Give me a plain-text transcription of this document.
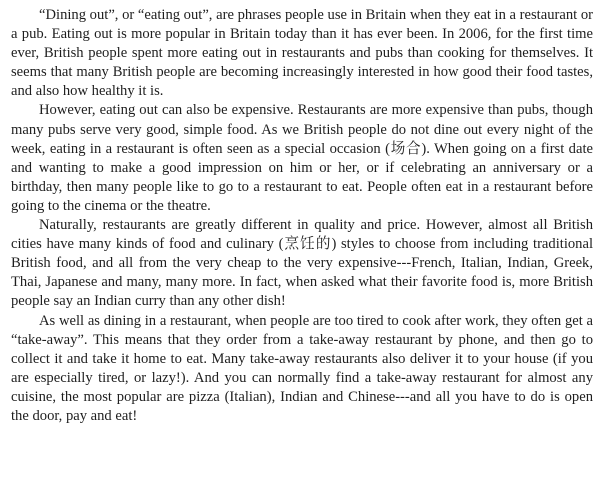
“Dining out”, or “eating out”, are phrases people use in Britain when they eat in a restaurant or a pub. Eating out is more popular in Britain today than it has ever been. In 2006, for the first time ever, British people spent more eating out in restaurants and pubs than cooking for themselves. It seems that many British people are becoming increasingly interested in how good their food tastes, and also how healthy it is.

However, eating out can also be expensive. Restaurants are more expensive than pubs, though many pubs serve very good, simple food. As we British people do not dine out every night of the week, eating in a restaurant is often seen as a special occasion (场合). When going on a first date and wanting to make a good impression on him or her, or if celebrating an anniversary or a birthday, then many people like to go to a restaurant to eat. People often eat in a restaurant before going to the cinema or the theatre.

Naturally, restaurants are greatly different in quality and price. However, almost all British cities have many kinds of food and culinary (烹饪的) styles to choose from including traditional British food, and all from the very cheap to the very expensive---French, Italian, Indian, Greek, Thai, Japanese and many, many more. In fact, when asked what their favorite food is, more British people say an Indian curry than any other dish!

As well as dining in a restaurant, when people are too tired to cook after work, they often get a “take-away”. This means that they order from a take-away restaurant by phone, and then go to collect it and take it home to eat. Many take-away restaurants also deliver it to your house (if you are especially tired, or lazy!). And you can normally find a take-away restaurant for almost any cuisine, the most popular are pizza (Italian), Indian and Chinese---and all you have to do is open the door, pay and eat!
